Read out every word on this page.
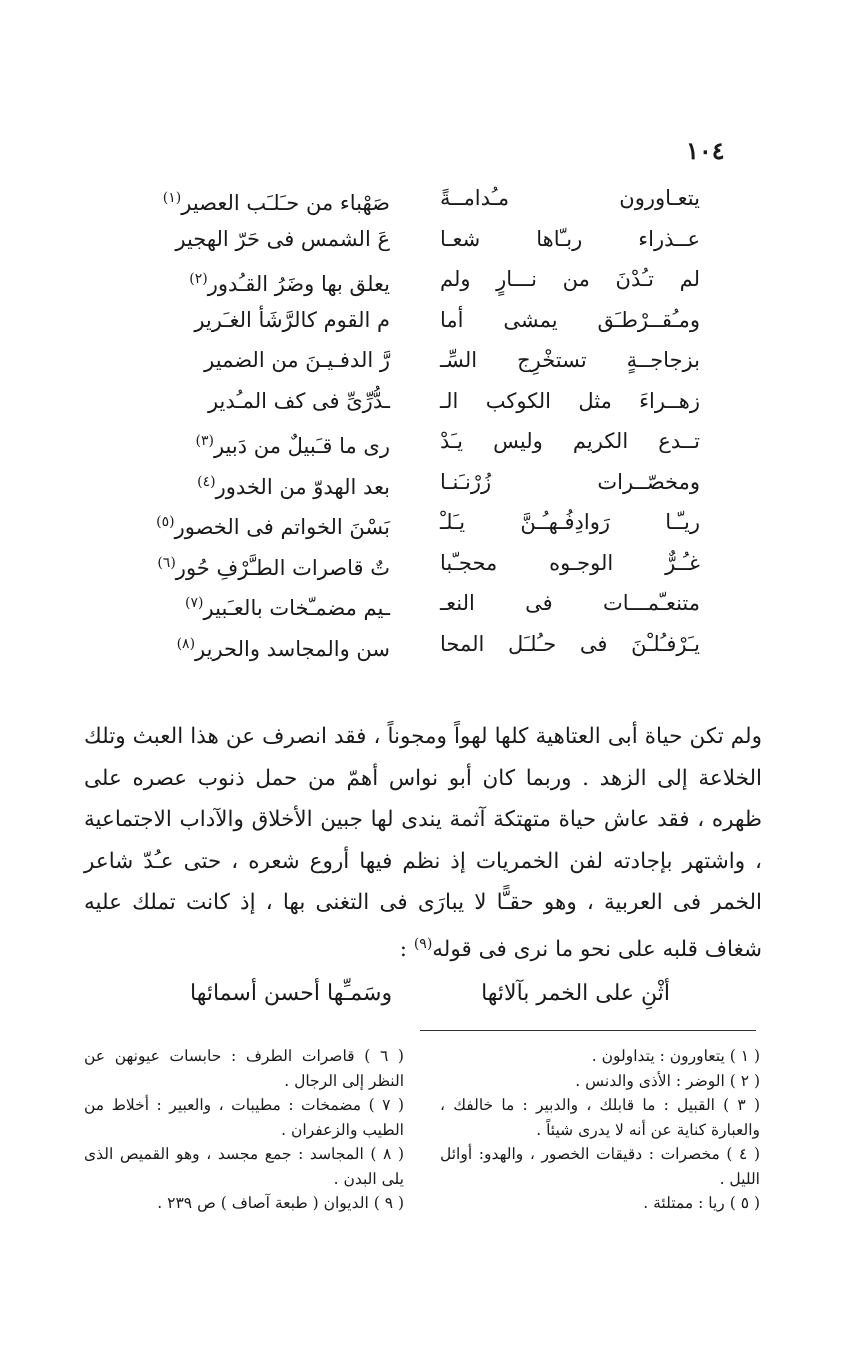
١٠٤
يتعـاورون مـُدامــةً
صَهْباء من حـَلـَب العصير$^{(١)}$
عــذراء ربـّاها شعـا
عَ الشمس فى حَرّ الهجير
لم تـُدْنَ من نـــارٍ ولم
يعلق بها وضَرُ القـُدور$^{(٢)}$
ومـُقــرْطـَق يمشى أما
م القوم كالرَّشَأ الغـَرير
بزجاجــةٍ تستخْرِج السِّـ
رَّ الدفـيـنَ من الضمير
زهــراءَ مثل الكوكب الـ
ـدُّرِّىِّ فى كف المـُدير
تــدع الكريم وليس يـَدْ
رى ما قـَبيلٌ من دَبير$^{(٣)}$
ومخصّــرات زُرْنـَنـا
بعد الهدوّ من الخدور$^{(٤)}$
ريـّـا رَوادِفُـهـُـنَّ يـَلـْ
بَسْنَ الخواتم فى الخصور$^{(٥)}$
غـُـرٌّ الوجـوه محجـّبا
تٌ قاصرات الطـَّرْفِ حُور$^{(٦)}$
متنعـّمـــات فى النعـ
ـيم مضمـّخات بالعـَبير$^{(٧)}$
يـَرْفـُلـْنَ فى حـُلـَل المحا
سن والمجاسد والحرير$^{(٨)}$
ولم تكن حياة أبى العتاهية كلها لهواً ومجوناً ، فقد انصرف عن هذا العبث وتلك الخلاعة إلى الزهد . وربما كان أبو نواس أهمّ من حمل ذنوب عصره على ظهره ، فقد عاش حياة متهتكة آثمة يندى لها جبين الأخلاق والآداب الاجتماعية ، واشتهر بإجادته لفن الخمريات إذ نظم فيها أروع شعره ، حتى عـُدّ شاعر الخمر فى العربية ، وهو حقـًّا لا يبارَى فى التغنى بها ، إذ كانت تملك عليه شغاف قلبه على نحو ما نرى فى قوله$^{(٩)}$ :
أثْنِ على الخمر بآلائها
وسَمـِّها أحسن أسمائها

( ١ ) يتعاورون : يتداولون .

( ٢ ) الوضر : الأذى والدنس .

( ٣ ) القبيل : ما قابلك ، والدبير : ما خالفك ، والعبارة كناية عن أنه لا يدرى شيئاً .

( ٤ ) مخصرات : دقيقات الخصور ، والهدو: أوائل الليل .

( ٥ ) ريا : ممتلئة .

( ٦ ) قاصرات الطرف : حابسات عيونهن عن النظر إلى الرجال .

( ٧ ) مضمخات : مطيبات ، والعبير : أخلاط من الطيب والزعفران .

( ٨ ) المجاسد : جمع مجسد ، وهو القميص الذى يلى البدن .

( ٩ ) الديوان ( طبعة آصاف ) ص ٢٣٩ .
